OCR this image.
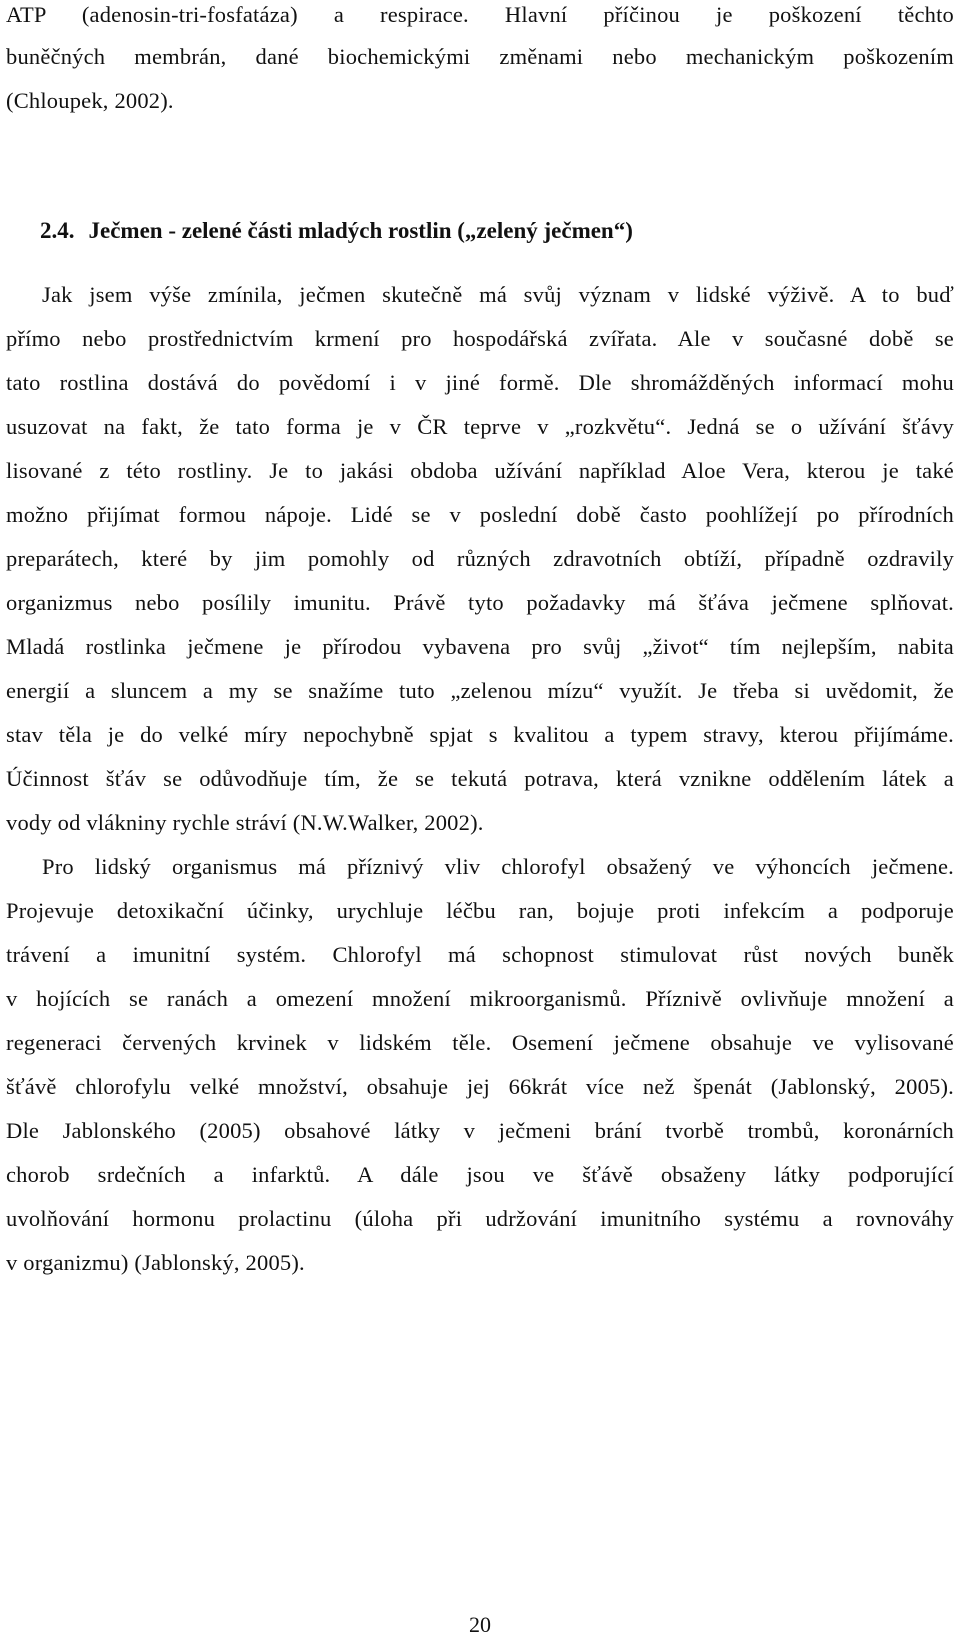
ATP (adenosin-tri-fosfatáza) a respirace. Hlavní příčinou je poškození těchto
buněčných membrán, dané biochemickými změnami nebo mechanickým poškozením
(Chloupek, 2002).
2.4. Ječmen - zelené části mladých rostlin („zelený ječmen“)
Jak jsem výše zmínila, ječmen skutečně má svůj význam v lidské výživě. A to buď
přímo nebo prostřednictvím krmení pro hospodářská zvířata. Ale v současné době se
tato rostlina dostává do povědomí i v jiné formě. Dle shromážděných informací mohu
usuzovat na fakt, že tato forma je v ČR teprve v „rozkvětu“. Jedná se o užívání šťávy
lisované z této rostliny. Je to jakási obdoba užívání například Aloe Vera, kterou je také
možno přijímat formou nápoje. Lidé se v poslední době často poohlížejí po přírodních
preparátech, které by jim pomohly od různých zdravotních obtíží, případně ozdravily
organizmus nebo posílily imunitu. Právě tyto požadavky má šťáva ječmene splňovat.
Mladá rostlinka ječmene je přírodou vybavena pro svůj „život“ tím nejlepším, nabita
energií a sluncem a my se snažíme tuto „zelenou mízu“ využít. Je třeba si uvědomit, že
stav těla je do velké míry nepochybně spjat s kvalitou a typem stravy, kterou přijímáme.
Účinnost šťáv se odůvodňuje tím, že se tekutá potrava, která vznikne oddělením látek a
vody od vlákniny rychle stráví (N.W.Walker, 2002).
Pro lidský organismus má příznivý vliv chlorofyl obsažený ve výhoncích ječmene.
Projevuje detoxikační účinky, urychluje léčbu ran, bojuje proti infekcím a podporuje
trávení a imunitní systém. Chlorofyl má schopnost stimulovat růst nových buněk
v hojících se ranách a omezení množení mikroorganismů. Příznivě ovlivňuje množení a
regeneraci červených krvinek v lidském těle. Osemení ječmene obsahuje ve vylisované
šťávě chlorofylu velké množství, obsahuje jej 66krát více než špenát (Jablonský, 2005).
Dle Jablonského (2005) obsahové látky v ječmeni brání tvorbě trombů, koronárních
chorob srdečních a infarktů. A dále jsou ve šťávě obsaženy látky podporující
uvolňování hormonu prolactinu (úloha při udržování imunitního systému a rovnováhy
v organizmu) (Jablonský, 2005).
20
